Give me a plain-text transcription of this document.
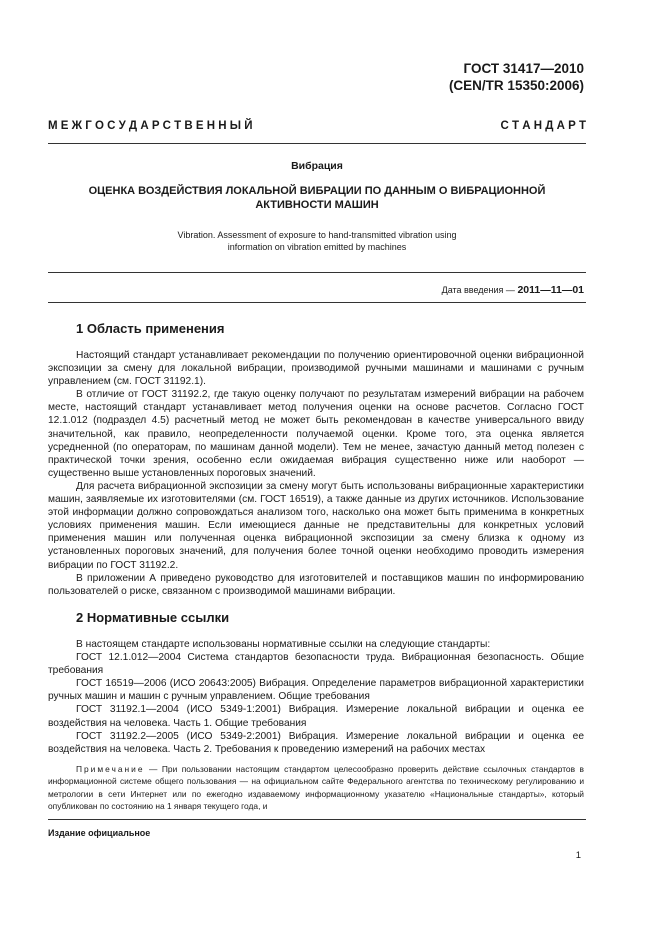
ГОСТ 31417—2010
(CEN/TR 15350:2006)
М Е Ж Г О С У Д А Р С Т В Е Н Н Ы Й	С Т А Н Д А Р Т
Вибрация
ОЦЕНКА ВОЗДЕЙСТВИЯ ЛОКАЛЬНОЙ ВИБРАЦИИ ПО ДАННЫМ О ВИБРАЦИОННОЙ
АКТИВНОСТИ МАШИН
Vibration. Assessment of exposure to hand-transmitted vibration using
information on vibration emitted by machines
Дата введения — 2011—11—01
1 Область применения

Настоящий стандарт устанавливает рекомендации по получению ориентировочной оценки вибрационной экспозиции за смену для локальной вибрации, производимой ручными машинами и машинами с ручным управлением (см. ГОСТ 31192.1).

В отличие от ГОСТ 31192.2, где такую оценку получают по результатам измерений вибрации на рабочем месте, настоящий стандарт устанавливает метод получения оценки на основе расчетов. Согласно ГОСТ 12.1.012 (подраздел 4.5) расчетный метод не может быть рекомендован в качестве универсального ввиду значительной, как правило, неопределенности получаемой оценки. Кроме того, эта оценка является усредненной (по операторам, по машинам данной модели). Тем не менее, зачастую данный метод полезен с практической точки зрения, особенно если ожидаемая вибрация существенно ниже или наоборот — существенно выше установленных пороговых значений.

Для расчета вибрационной экспозиции за смену могут быть использованы вибрационные характеристики машин, заявляемые их изготовителями (см. ГОСТ 16519), а также данные из других источников. Использование этой информации должно сопровождаться анализом того, насколько она может быть применима в конкретных условиях применения машин. Если имеющиеся данные не представительны для конкретных условий применения машин или полученная оценка вибрационной экспозиции за смену близка к одному из установленных пороговых значений, для получения более точной оценки необходимо проводить измерения вибрации по ГОСТ 31192.2.

В приложении А приведено руководство для изготовителей и поставщиков машин по информированию пользователей о риске, связанном с производимой машинами вибрации.

2 Нормативные ссылки

В настоящем стандарте использованы нормативные ссылки на следующие стандарты:

ГОСТ 12.1.012—2004 Система стандартов безопасности труда. Вибрационная безопасность. Общие требования

ГОСТ 16519—2006 (ИСО 20643:2005) Вибрация. Определение параметров вибрационной характеристики ручных машин и машин с ручным управлением. Общие требования

ГОСТ 31192.1—2004 (ИСО 5349-1:2001) Вибрация. Измерение локальной вибрации и оценка ее воздействия на человека. Часть 1. Общие требования

ГОСТ 31192.2—2005 (ИСО 5349-2:2001) Вибрация. Измерение локальной вибрации и оценка ее воздействия на человека. Часть 2. Требования к проведению измерений на рабочих местах

Примечание — При пользовании настоящим стандартом целесообразно проверить действие ссылочных стандартов в информационной системе общего пользования — на официальном сайте Федерального агентства по техническому регулированию и метрологии в сети Интернет или по ежегодно издаваемому информационному указателю «Национальные стандарты», который опубликован по состоянию на 1 января текущего года, и

Издание официальное
1
